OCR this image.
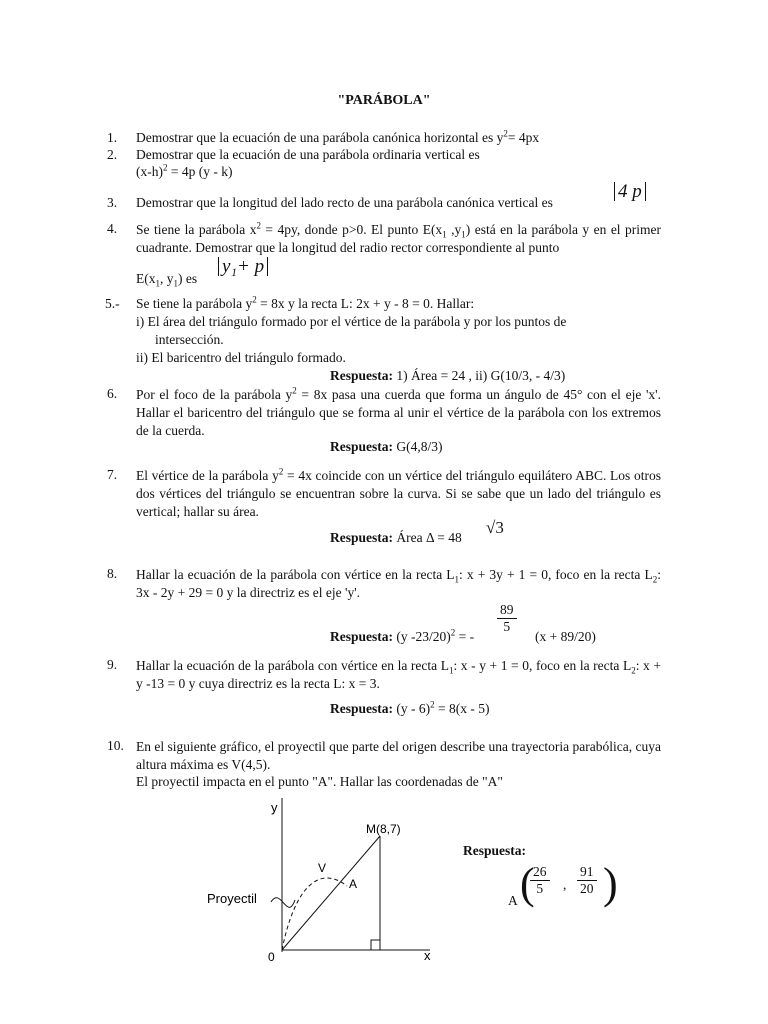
"PARÁBOLA"
1. Demostrar que la ecuación de una parábola canónica horizontal es $y^2= 4px$
2. Demostrar que la ecuación de una parábola ordinaria vertical es
$(x-h)^2 = 4p$ (y - k)
3. Demostrar que la longitud del lado recto de una parábola canónica vertical es
4 p
4. Se tiene la parábola $x^2 = 4py$, donde p>0. El punto $E(x_1$ $,y_1$) está en la parábola y en el primer cuadrante. Demostrar que la longitud del radio rector correspondiente al punto
$E(x_1$, $y_1$) es
y₁+ p
5.- Se tiene la parábola $y^2 = 8x$ y la recta L: 2x + y - 8 = 0. Hallar:
i) El área del triángulo formado por el vértice de la parábola y por los puntos de
intersección.
ii) El baricentro del triángulo formado.
Respuesta: 1) Área = 24 , ii) G(10/3, - 4/3)
6. Por el foco de la parábola $y^2 = 8x$ pasa una cuerda que forma un ángulo de 45° con el eje 'x'. Hallar el baricentro del triángulo que se forma al unir el vértice de la parábola con los extremos de la cuerda.
Respuesta: G(4,8/3)
7. El vértice de la parábola $y^2 = 4x$ coincide con un vértice del triángulo equilátero ABC. Los otros dos vértices del triángulo se encuentran sobre la curva. Si se sabe que un lado del triángulo es vertical; hallar su área.
Respuesta: Área Δ = 48
√3
8. Hallar la ecuación de la parábola con vértice en la recta $L_1$: x + 3y + 1 = 0, foco en la recta $L_2$: 3x - 2y + 29 = 0 y la directriz es el eje 'y'.
Respuesta: (y -23/20)$^2$ = -
$\frac{89}{5}$
(x + 89/20)
9. Hallar la ecuación de la parábola con vértice en la recta $L_1$: x - y + 1 = 0, foco en la recta $L_2$: x + y -13 = 0 y cuya directriz es la recta L: x = 3.
Respuesta: (y - 6)$^2$ = 8(x - 5)
10. En el siguiente gráfico, el proyectil que parte del origen describe una trayectoria parabólica, cuya altura máxima es V(4,5).
El proyectil impacta en el punto "A". Hallar las coordenadas de "A"
Respuesta:
A (
$\frac{26}{5}$ , $\frac{91}{20}$ )
y
x
0
M(8,7)
V
A
Proyectil
